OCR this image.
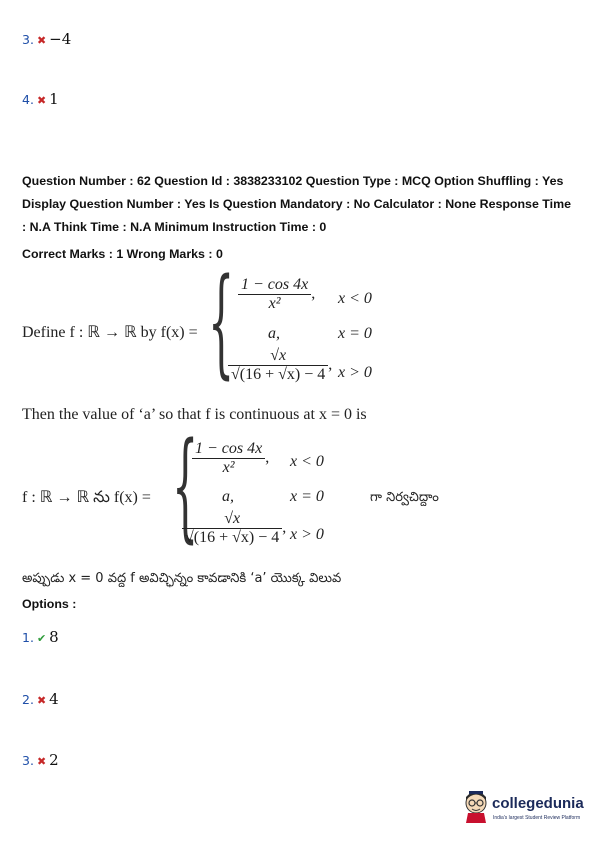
3. ✖ −4
4. ✖ 1
Question Number : 62 Question Id : 3838233102 Question Type : MCQ Option Shuffling : Yes
Display Question Number : Yes Is Question Mandatory : No Calculator : None Response Time
: N.A Think Time : N.A Minimum Instruction Time : 0
Correct Marks : 1 Wrong Marks : 0
Define f : ℝ → ℝ by f(x) = { $\frac{1 - \cos 4x}{\text{x²}}$ , x < 0
a,	x = 0
$\frac{√x}{√(16 + √x) - 4}$ , x > 0
Then the value of ‘a’ so that f is continuous at x = 0 is
f : ℝ → ℝ ను f(x) = {
$\frac{1 - \cos 4x}{\text{x²}}$ , x < 0
a,	x = 0	గా నిర్వచిద్దాం
$\frac{√x}{√(16 + √x) - 4}$ , x > 0
అప్పుడు x = 0 వద్ద f అవిచ్ఛిన్నం కావడానికి ‘a’ యొక్క విలువ
Options :
1. ✔ 8
2. ✖ 4
3. ✖ 2
collegedunia
India's largest Student Review Platform
